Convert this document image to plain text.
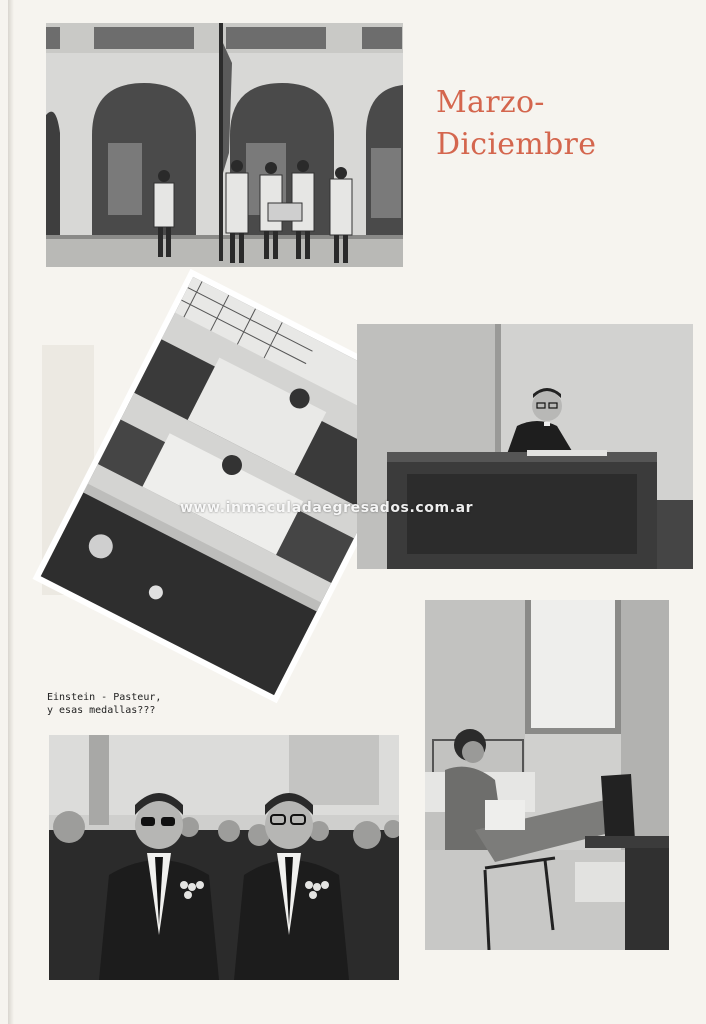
Marzo-
Diciembre
Einstein - Pasteur,
y esas medallas???
www.inmaculadaegresados.com.ar
